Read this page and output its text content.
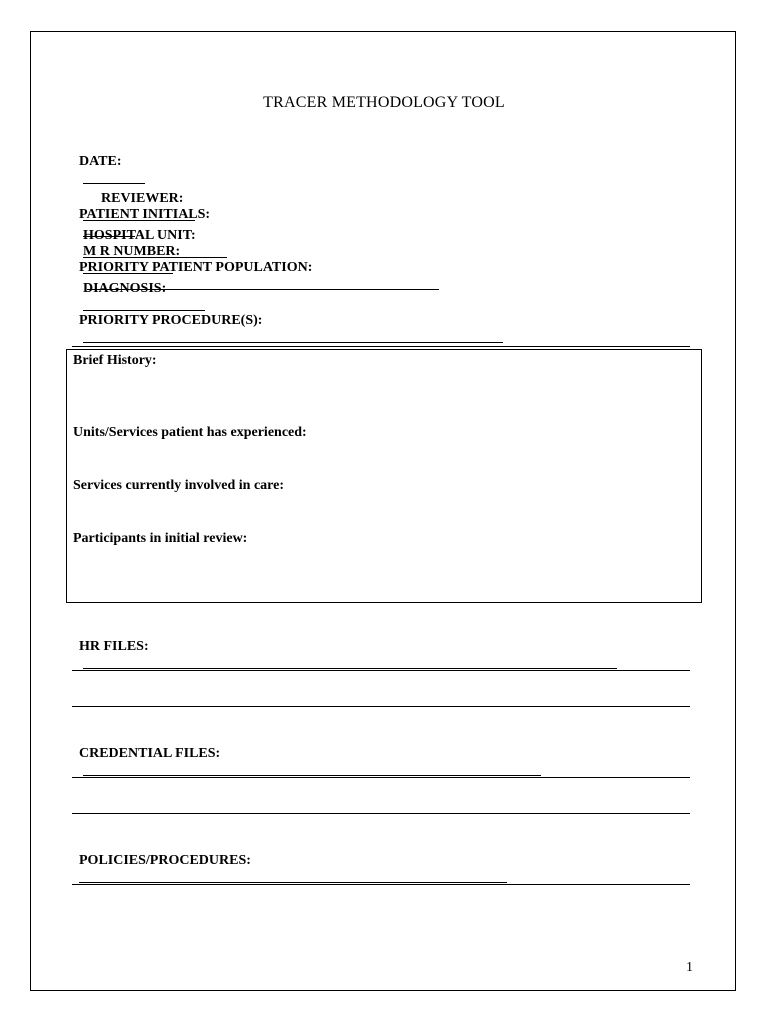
TRACER METHODOLOGY TOOL

DATE:

REVIEWER:

HOSPITAL UNIT:

PATIENT INITIALS:

M R NUMBER:

DIAGNOSIS:

PRIORITY PATIENT POPULATION:

PRIORITY PROCEDURE(S):

Brief History:
Units/Services patient has experienced:
Services currently involved in care:
Participants in initial review:

HR FILES:

CREDENTIAL FILES:

POLICIES/PROCEDURES:

1
